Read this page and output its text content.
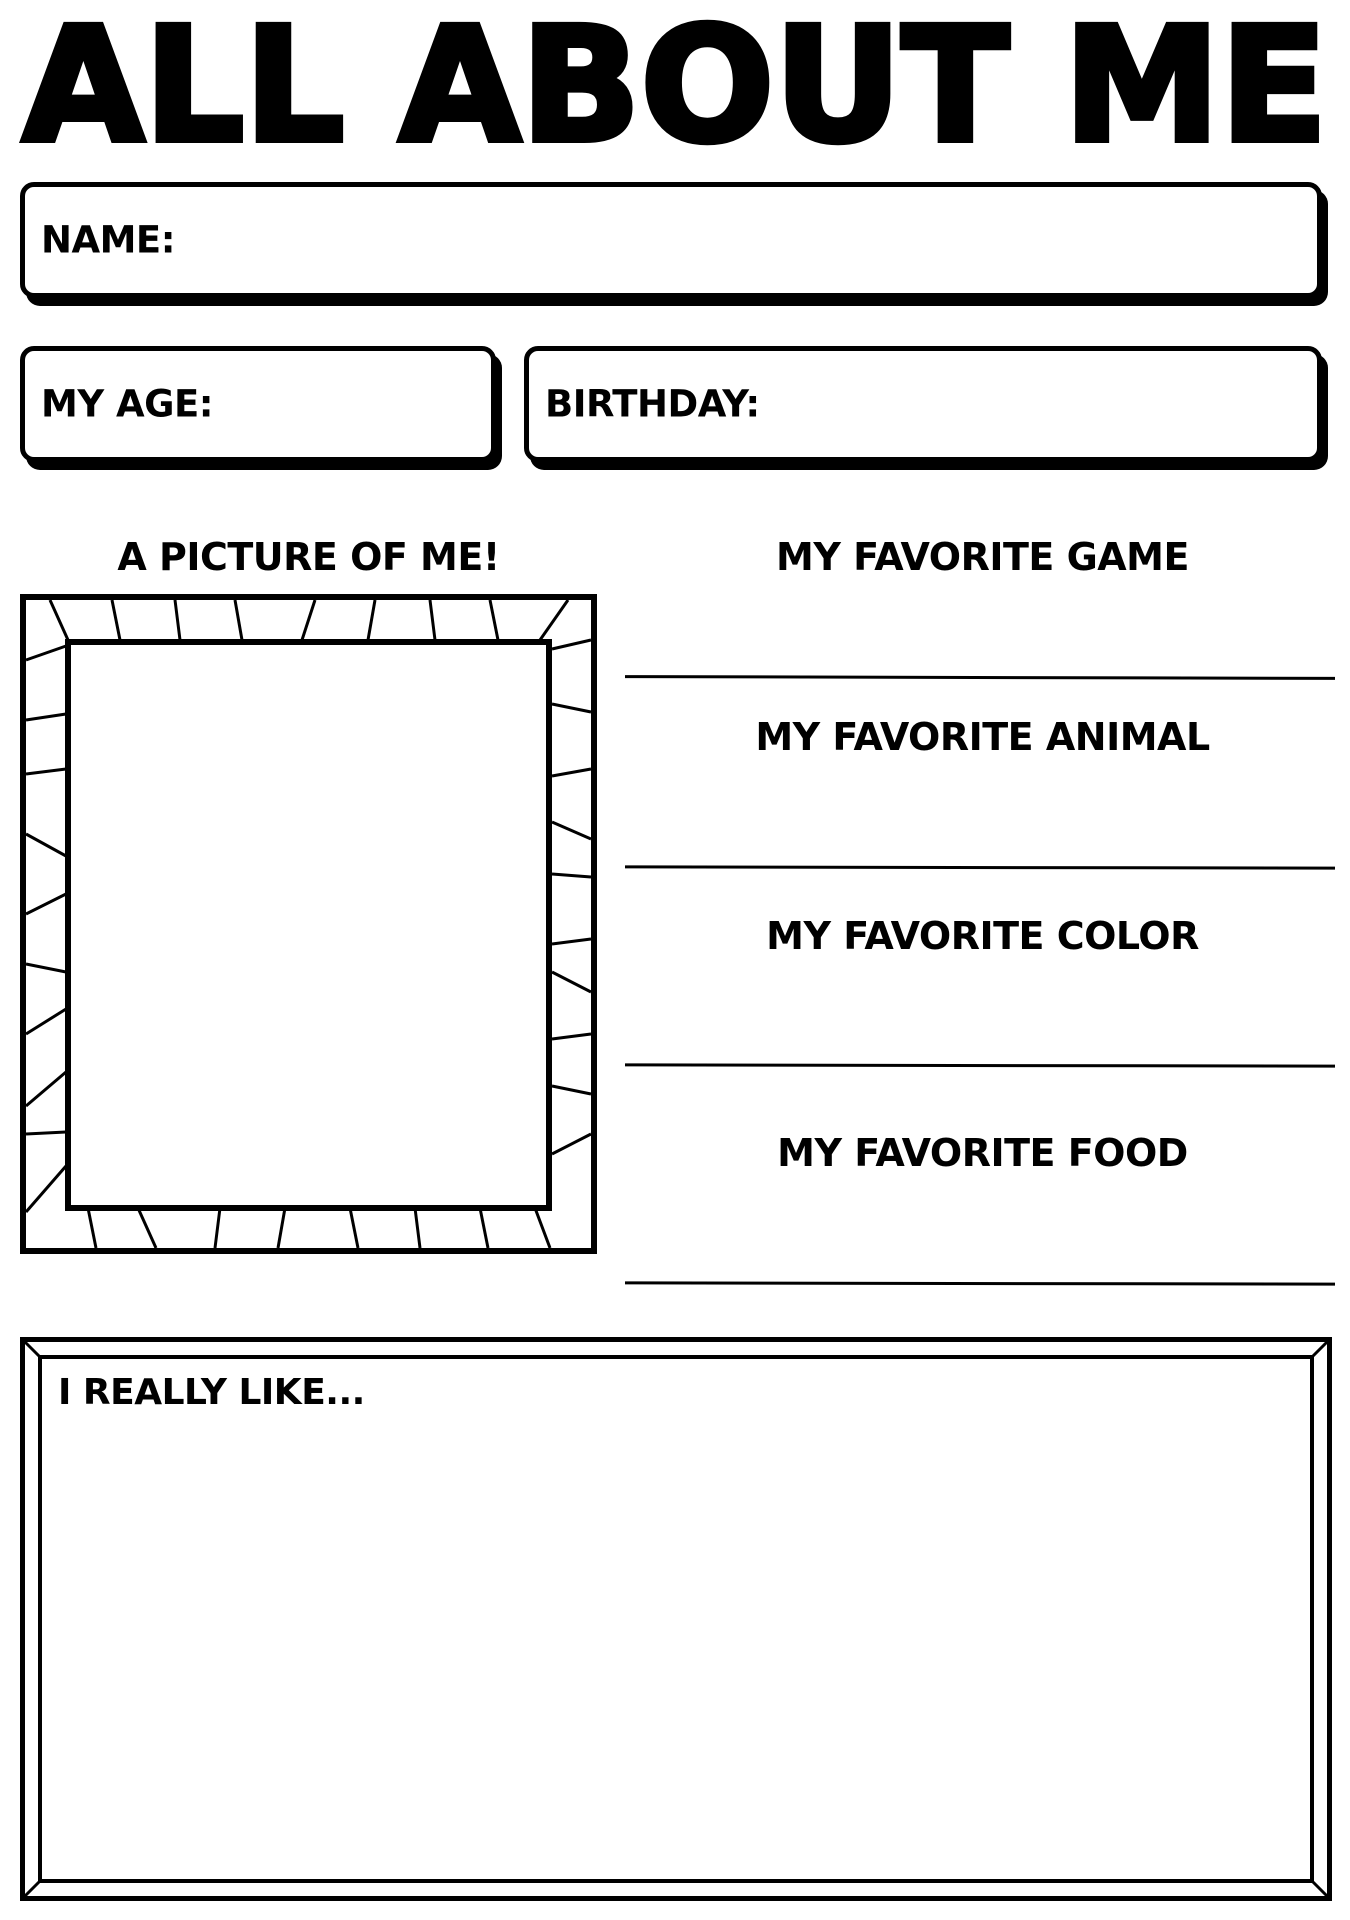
ALL ABOUT ME
NAME:
MY AGE:	BIRTHDAY:
A PICTURE OF ME!	MY FAVORITE GAME
MY FAVORITE ANIMAL
MY FAVORITE COLOR
MY FAVORITE FOOD
I REALLY LIKE...
